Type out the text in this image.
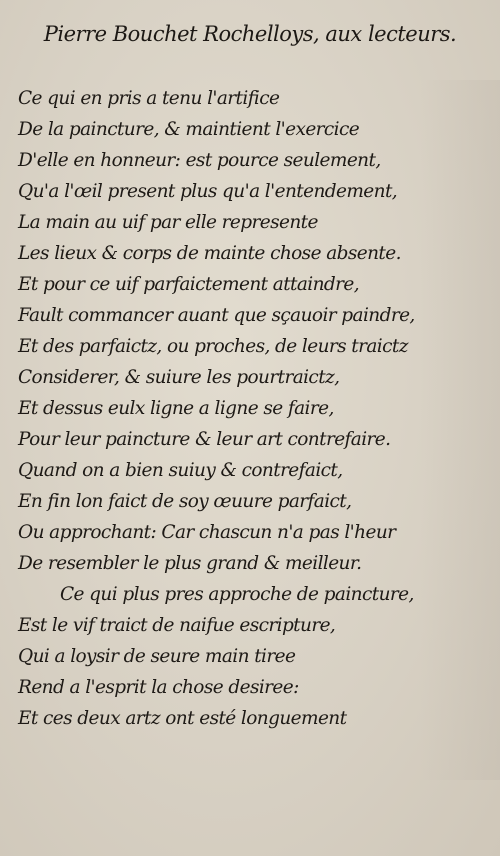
Pierre Bouchet Rochelloys, aux lecteurs.
Ce qui en pris a tenu l'artifice
De la paincture, & maintient l'exercice
D'elle en honneur: est pource seulement,
Qu'a l'œil present plus qu'a l'entendement,
La main au uif par elle represente
Les lieux & corps de mainte chose absente.
Et pour ce uif parfaictement attaindre,
Fault commancer auant que sçauoir paindre,
Et des parfaictz, ou proches, de leurs traictz
Considerer, & suiure les pourtraictz,
Et dessus eulx ligne a ligne se faire,
Pour leur paincture & leur art contrefaire.
Quand on a bien suiuy & contrefaict,
En fin lon faict de soy œuure parfaict,
Ou approchant: Car chascun n'a pas l'heur
De resembler le plus grand & meilleur.
Ce qui plus pres approche de paincture,
Est le vif traict de naifue escripture,
Qui a loysir de seure main tiree
Rend a l'esprit la chose desiree:
Et ces deux artz ont esté longuement
